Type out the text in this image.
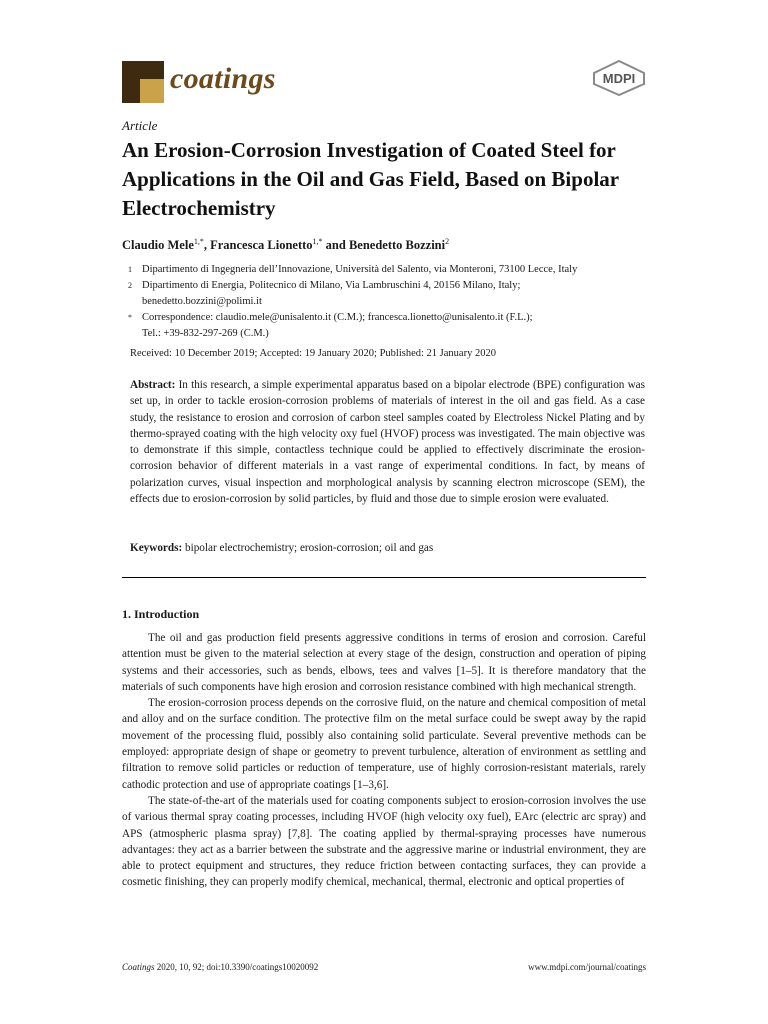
coatings	MDPI
Article
An Erosion-Corrosion Investigation of Coated Steel for Applications in the Oil and Gas Field, Based on Bipolar Electrochemistry
Claudio Mele$^{1,*}$, Francesca Lionetto$^{1,*}$ and Benedetto Bozzini$^2$
1 Dipartimento di Ingegneria dell’Innovazione, Università del Salento, via Monteroni, 73100 Lecce, Italy
2 Dipartimento di Energia, Politecnico di Milano, Via Lambruschini 4, 20156 Milano, Italy;
benedetto.bozzini@polimi.it
* Correspondence: claudio.mele@unisalento.it (C.M.); francesca.lionetto@unisalento.it (F.L.);
Tel.: +39-832-297-269 (C.M.)
Received: 10 December 2019; Accepted: 19 January 2020; Published: 21 January 2020
Abstract: In this research, a simple experimental apparatus based on a bipolar electrode (BPE) configuration was set up, in order to tackle erosion-corrosion problems of materials of interest in the oil and gas field. As a case study, the resistance to erosion and corrosion of carbon steel samples coated by Electroless Nickel Plating and by thermo-sprayed coating with the high velocity oxy fuel (HVOF) process was investigated. The main objective was to demonstrate if this simple, contactless technique could be applied to effectively discriminate the erosion-corrosion behavior of different materials in a vast range of experimental conditions. In fact, by means of polarization curves, visual inspection and morphological analysis by scanning electron microscope (SEM), the effects due to erosion-corrosion by solid particles, by fluid and those due to simple erosion were evaluated.
Keywords: bipolar electrochemistry; erosion-corrosion; oil and gas
1. Introduction

The oil and gas production field presents aggressive conditions in terms of erosion and corrosion. Careful attention must be given to the material selection at every stage of the design, construction and operation of piping systems and their accessories, such as bends, elbows, tees and valves [1–5]. It is therefore mandatory that the materials of such components have high erosion and corrosion resistance combined with high mechanical strength.

The erosion-corrosion process depends on the corrosive fluid, on the nature and chemical composition of metal and alloy and on the surface condition. The protective film on the metal surface could be swept away by the rapid movement of the processing fluid, possibly also containing solid particulate. Several preventive methods can be employed: appropriate design of shape or geometry to prevent turbulence, alteration of environment as settling and filtration to remove solid particles or reduction of temperature, use of highly corrosion-resistant materials, rarely cathodic protection and use of appropriate coatings [1–3,6].

The state-of-the-art of the materials used for coating components subject to erosion-corrosion involves the use of various thermal spray coating processes, including HVOF (high velocity oxy fuel), EArc (electric arc spray) and APS (atmospheric plasma spray) [7,8]. The coating applied by thermal-spraying processes have numerous advantages: they act as a barrier between the substrate and the aggressive marine or industrial environment, they are able to protect equipment and structures, they reduce friction between contacting surfaces, they can provide a cosmetic finishing, they can properly modify chemical, mechanical, thermal, electronic and optical properties of

Coatings 2020, 10, 92; doi:10.3390/coatings10020092	www.mdpi.com/journal/coatings
